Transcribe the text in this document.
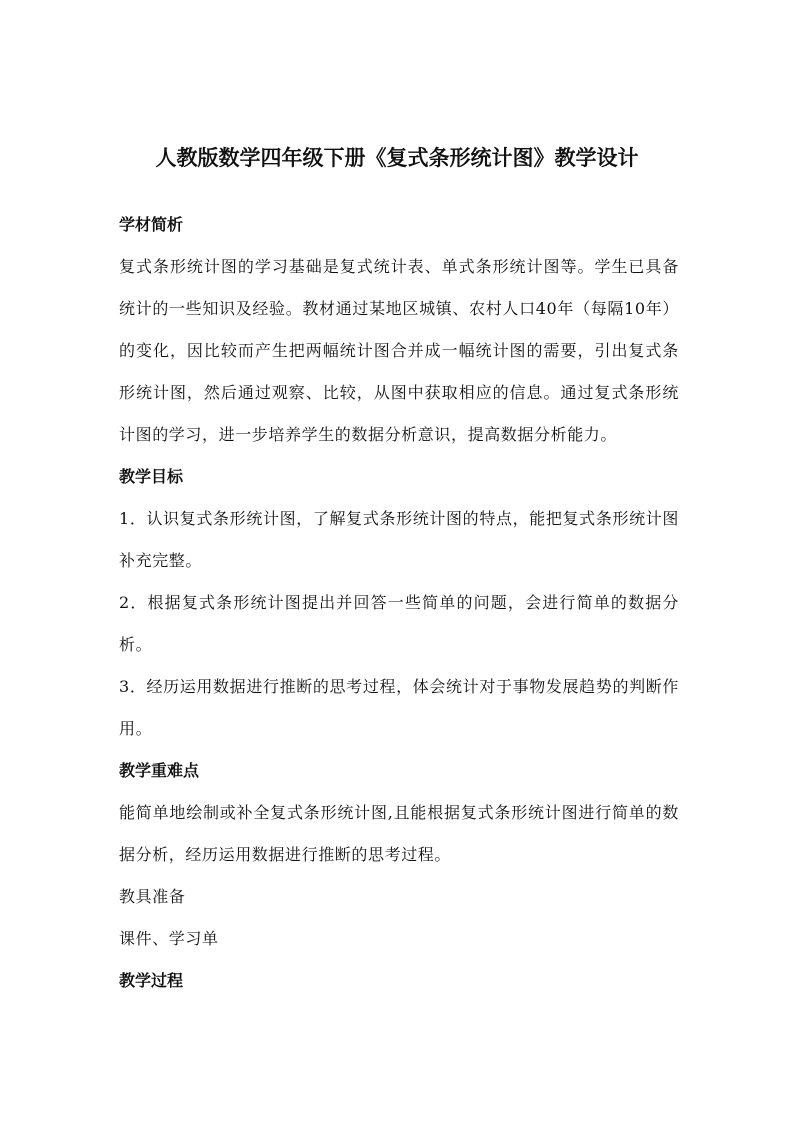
人教版数学四年级下册《复式条形统计图》教学设计
学材简析

复式条形统计图的学习基础是复式统计表、单式条形统计图等。学生已具备统计的一些知识及经验。教材通过某地区城镇、农村人口40年（每隔10年）的变化，因比较而产生把两幅统计图合并成一幅统计图的需要，引出复式条形统计图，然后通过观察、比较，从图中获取相应的信息。通过复式条形统计图的学习，进一步培养学生的数据分析意识，提高数据分析能力。

教学目标

1．认识复式条形统计图，了解复式条形统计图的特点，能把复式条形统计图补充完整。

2．根据复式条形统计图提出并回答一些简单的问题，会进行简单的数据分析。

3．经历运用数据进行推断的思考过程，体会统计对于事物发展趋势的判断作用。

教学重难点

能简单地绘制或补全复式条形统计图,且能根据复式条形统计图进行简单的数据分析，经历运用数据进行推断的思考过程。

教具准备
课件、学习单
教学过程
